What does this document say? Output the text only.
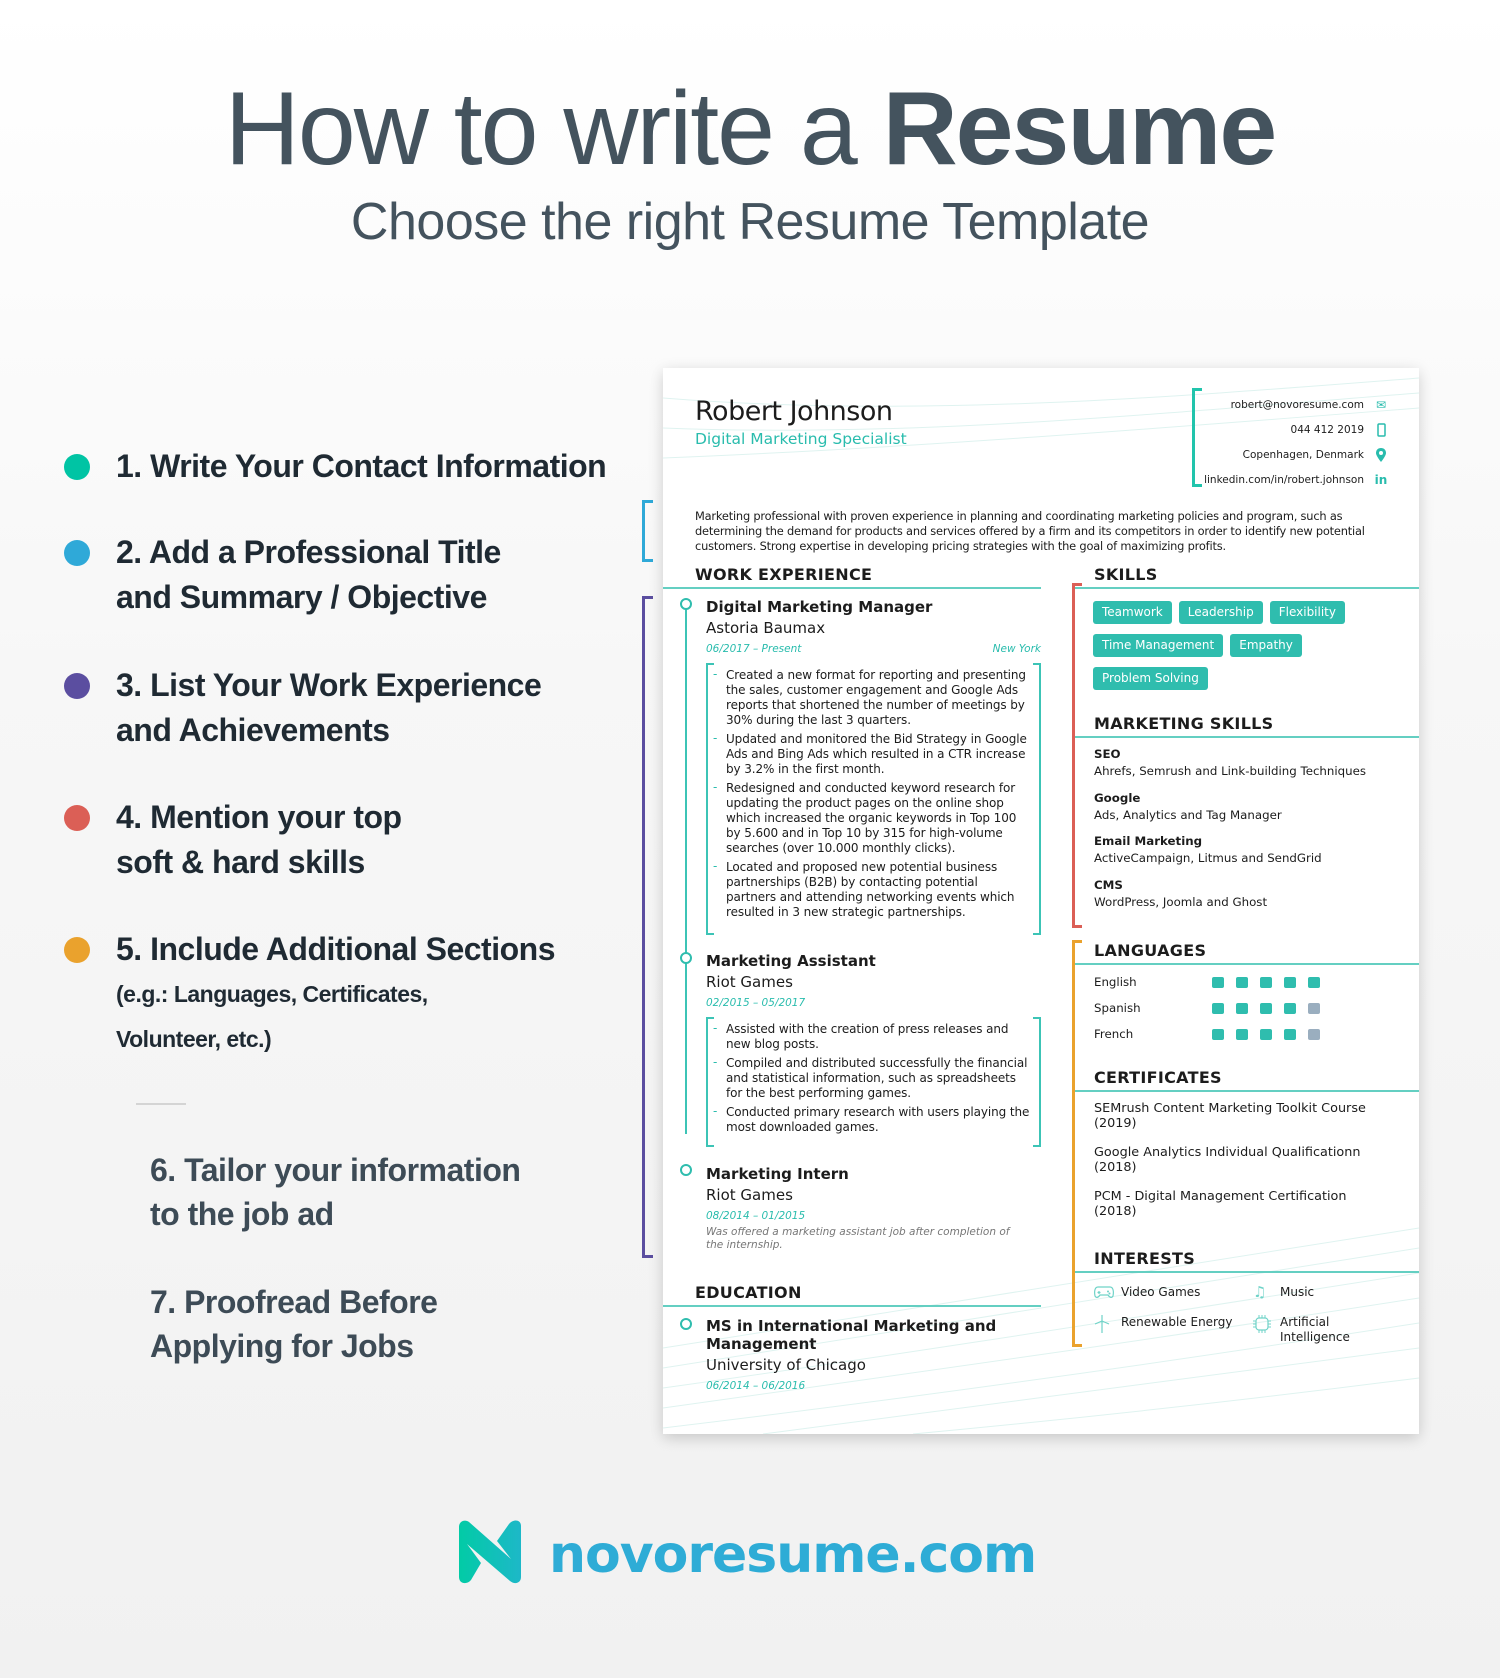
How to write a Resume
Choose the right Resume Template
1. Write Your Contact Information
2. Add a Professional Title
and Summary / Objective
3. List Your Work Experience
and Achievements
4. Mention your top
soft & hard skills
5. Include Additional Sections
(e.g.: Languages, Certificates,
Volunteer, etc.)
6. Tailor your information
to the job ad
7. Proofread Before
Applying for Jobs
Robert Johnson
Digital Marketing Specialist
robert@novoresume.com ✉
044 412 2019
Copenhagen, Denmark
linkedin.com/in/robert.johnson in
Marketing professional with proven experience in planning and coordinating marketing policies and program, such as determining the demand for products and services offered by a firm and its competitors in order to identify new potential customers. Strong expertise in developing pricing strategies with the goal of maximizing profits.
WORK EXPERIENCE
Digital Marketing Manager
Astoria Baumax
06/2017 – Present	New York
- Created a new format for reporting and presenting the sales, customer engagement and Google Ads reports that shortened the number of meetings by 30% during the last 3 quarters.
- Updated and monitored the Bid Strategy in Google Ads and Bing Ads which resulted in a CTR increase by 3.2% in the first month.
- Redesigned and conducted keyword research for updating the product pages on the online shop which increased the organic keywords in Top 100 by 5.600 and in Top 10 by 315 for high-volume searches (over 10.000 monthly clicks).
- Located and proposed new potential business partnerships (B2B) by contacting potential partners and attending networking events which resulted in 3 new strategic partnerships.
Marketing Assistant
Riot Games
02/2015 – 05/2017
- Assisted with the creation of press releases and new blog posts.
- Compiled and distributed successfully the financial and statistical information, such as spreadsheets for the best performing games.
- Conducted primary research with users playing the most downloaded games.
Marketing Intern
Riot Games
08/2014 – 01/2015
Was offered a marketing assistant job after completion of the internship.
EDUCATION
MS in International Marketing and Management
University of Chicago
06/2014 – 06/2016
SKILLS
Teamwork	Leadership	Flexibility
Time Management	Empathy
Problem Solving
MARKETING SKILLS
SEO
Ahrefs, Semrush and Link-building Techniques
Google
Ads, Analytics and Tag Manager
Email Marketing
ActiveCampaign, Litmus and SendGrid
CMS
WordPress, Joomla and Ghost
LANGUAGES
English
Spanish
French
CERTIFICATES
SEMrush Content Marketing Toolkit Course
(2019)
Google Analytics Individual Qualificationn
(2018)
PCM - Digital Management Certification
(2018)
INTERESTS
Video Games	♫	Music
Renewable Energy	Artificial
Intelligence
novoresume.com
